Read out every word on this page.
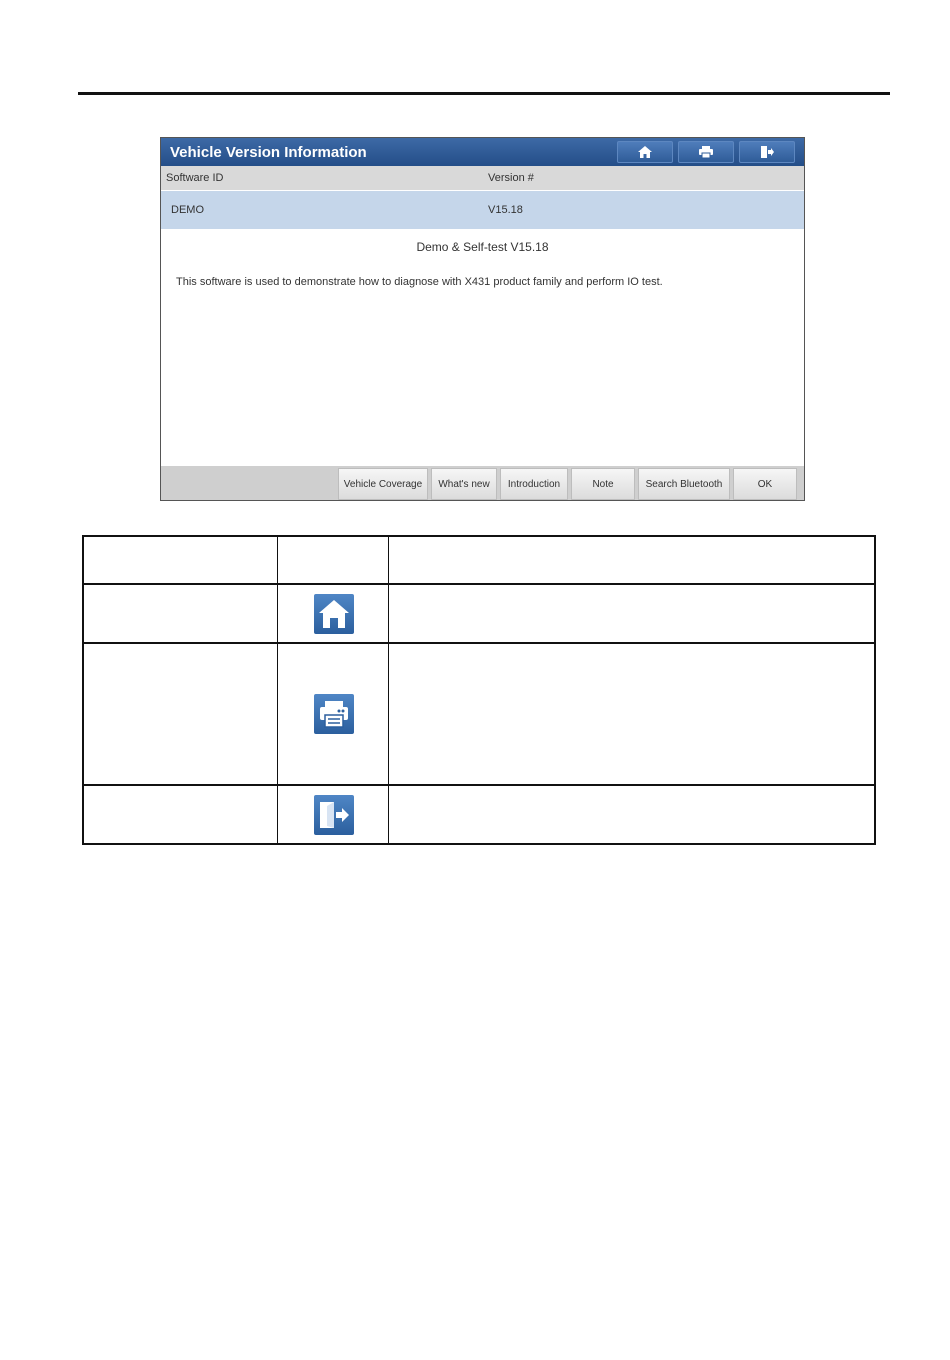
Vehicle Version Information
Software ID	Version #
DEMO	V15.18
Demo & Self-test V15.18
This software is used to demonstrate how to diagnose with X431 product family and perform IO test.
Vehicle Coverage	What's new	Introduction	Note	Search Bluetooth	OK
